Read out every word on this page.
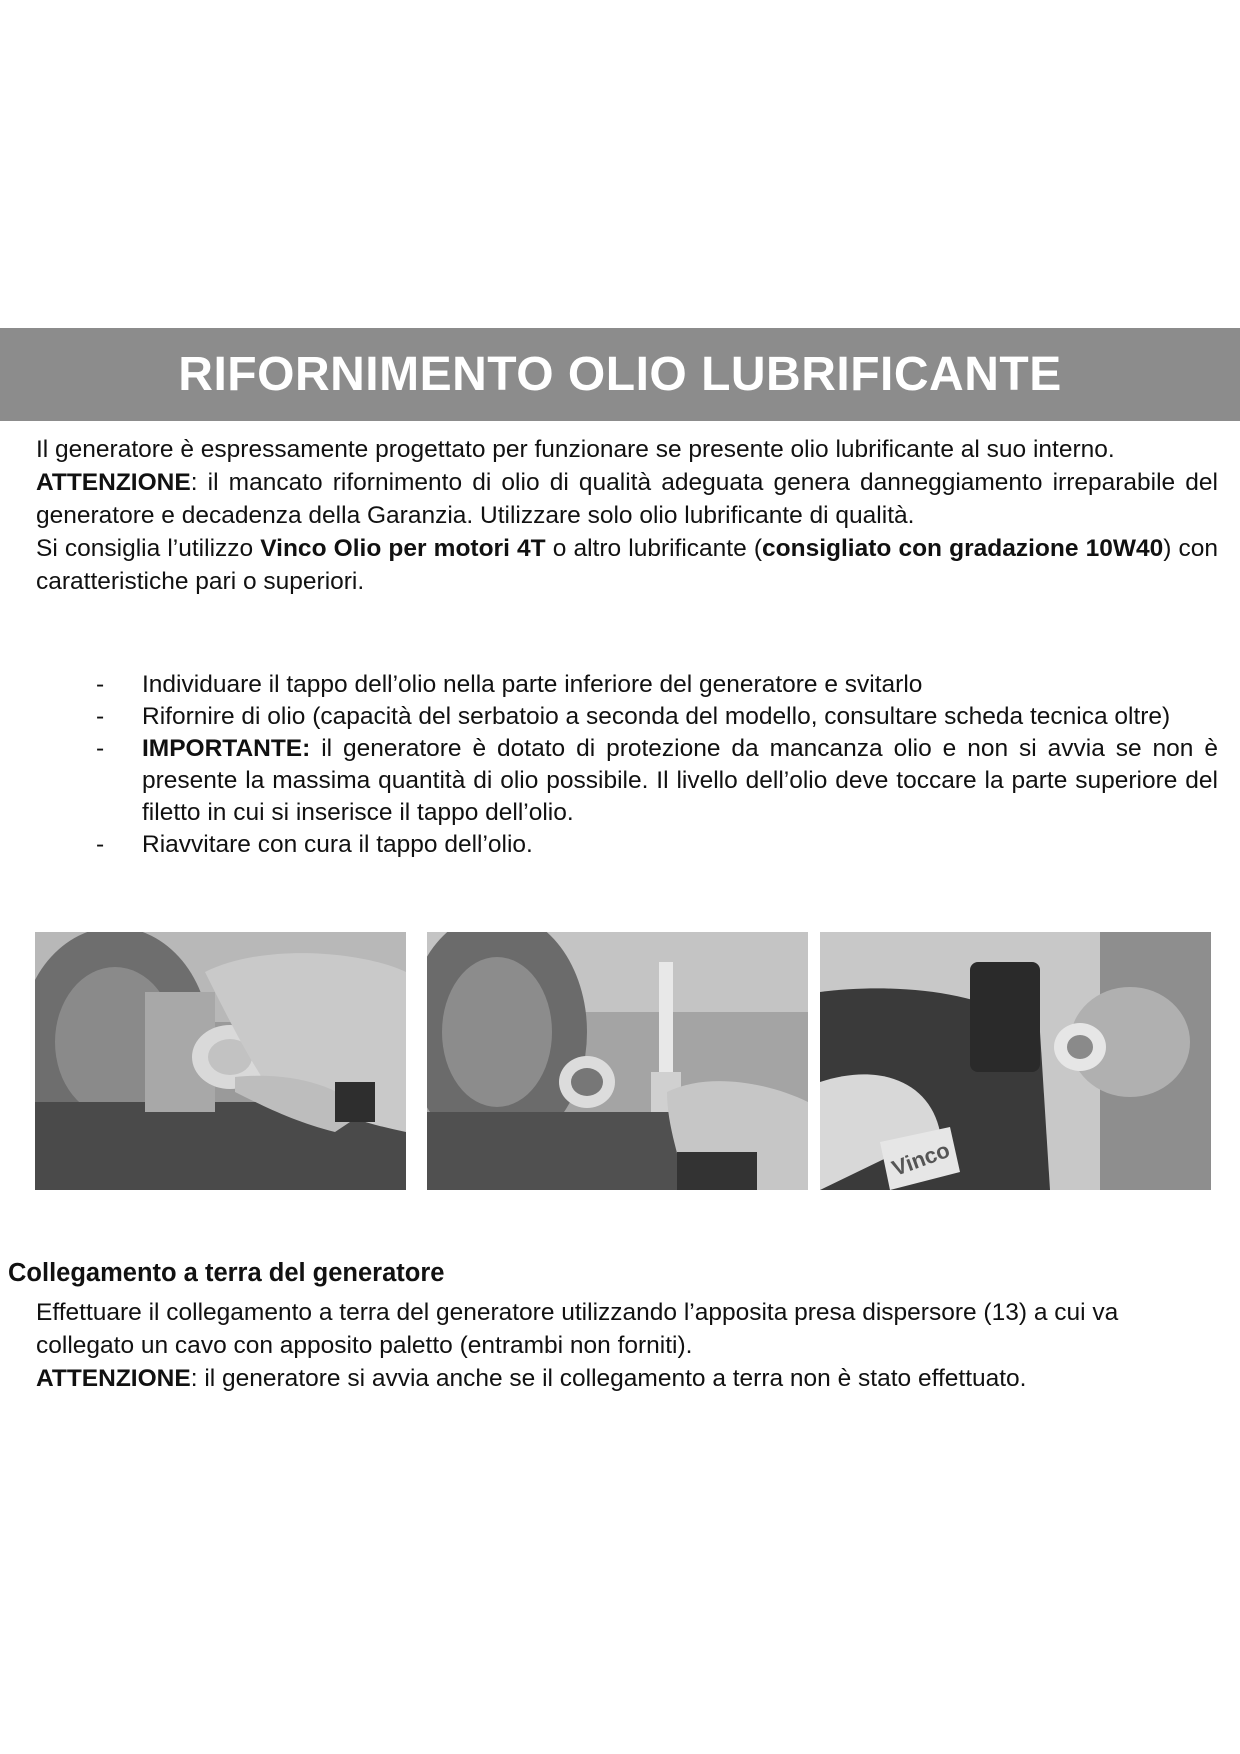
RIFORNIMENTO OLIO LUBRIFICANTE

Il generatore è espressamente progettato per funzionare se presente olio lubrificante al suo interno.

ATTENZIONE: il mancato rifornimento di olio di qualità adeguata genera danneggiamento irreparabile del generatore e decadenza della Garanzia. Utilizzare solo olio lubrificante di qualità.

Si consiglia l’utilizzo Vinco Olio per motori 4T o altro lubrificante (consigliato con gradazione 10W40) con caratteristiche pari o superiori.

- Individuare il tappo dell’olio nella parte inferiore del generatore e svitarlo
- Rifornire di olio (capacità del serbatoio a seconda del modello, consultare scheda tecnica oltre)
- IMPORTANTE: il generatore è dotato di protezione da mancanza olio e non si avvia se non è presente la massima quantità di olio possibile. Il livello dell’olio deve toccare la parte superiore del filetto in cui si inserisce il tappo dell’olio.
- Riavvitare con cura il tappo dell’olio.
Vinco
Collegamento a terra del generatore

Effettuare il collegamento a terra del generatore utilizzando l’apposita presa dispersore (13) a cui va collegato un cavo con apposito paletto (entrambi non forniti).

ATTENZIONE: il generatore si avvia anche se il collegamento a terra non è stato effettuato.
